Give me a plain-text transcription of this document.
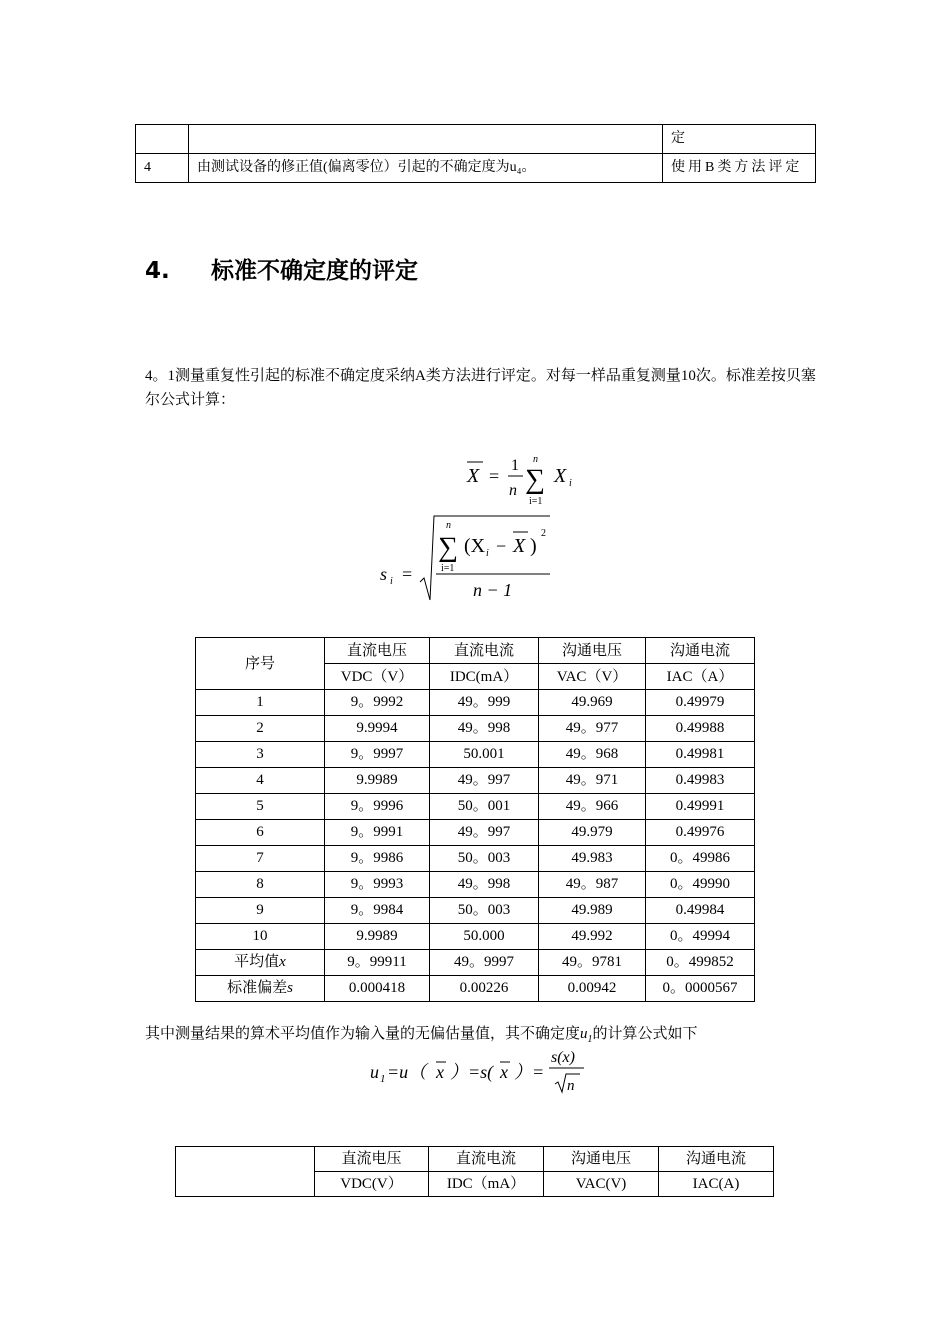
		定
4	由测试设备的修正值(偏离零位）引起的不确定度为u₄。	使用B类方法评定
4. 标准不确定度的评定
4。1测量重复性引起的标准不确定度采纳A类方法进行评定。对每一样品重复测量10次。标准差按贝塞尔公式计算：
X =
1
n
n
∑
i=1
X i
s i =
n
∑
i=1
(X i − X )
2
n − 1
序号	直流电压	直流电流	沟通电压	沟通电流
	VDC（V）	IDC(mA）	VAC（V）	IAC（A）
1	9。9992	49。999	49.969	0.49979
2	9.9994	49。998	49。977	0.49988
3	9。9997	50.001	49。968	0.49981
4	9.9989	49。997	49。971	0.49983
5	9。9996	50。001	49。966	0.49991
6	9。9991	49。997	49.979	0.49976
7	9。9986	50。003	49.983	0。49986
8	9。9993	49。998	49。987	0。49990
9	9。9984	50。003	49.989	0.49984
10	9.9989	50.000	49.992	0。49994
平均值x	9。99911	49。9997	49。9781	0。499852
标准偏差s	0.000418	0.00226	0.00942	0。0000567
其中测量结果的算术平均值作为输入量的无偏估量值，其不确定度$u_1$的计算公式如下
u 1 =u（ x ）=s( x ）=
s(x)
n
	直流电压	直流电流	沟通电压	沟通电流
	VDC(V）	IDC（mA）	VAC(V)	IAC(A)
